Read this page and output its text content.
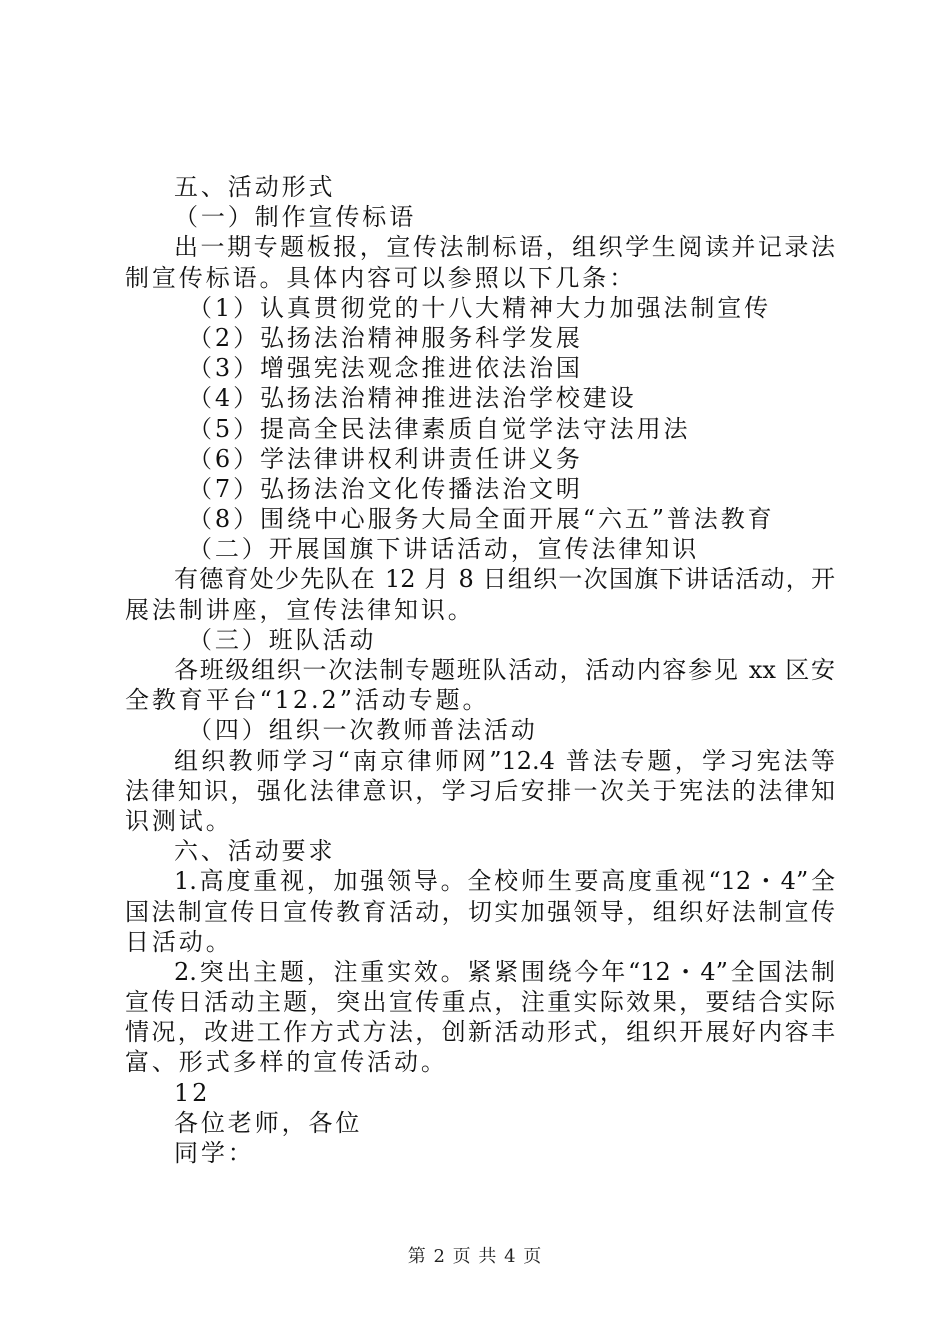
五、活动形式
（一）制作宣传标语
出一期专题板报，宣传法制标语，组织学生阅读并记录法
制宣传标语。具体内容可以参照以下几条：
（1）认真贯彻党的十八大精神大力加强法制宣传
（2）弘扬法治精神服务科学发展
（3）增强宪法观念推进依法治国
（4）弘扬法治精神推进法治学校建设
（5）提高全民法律素质自觉学法守法用法
（6）学法律讲权利讲责任讲义务
（7）弘扬法治文化传播法治文明
（8）围绕中心服务大局全面开展“六五”普法教育
（二）开展国旗下讲话活动，宣传法律知识
有德育处少先队在 12 月 8 日组织一次国旗下讲话活动，开
展法制讲座，宣传法律知识。
（三）班队活动
各班级组织一次法制专题班队活动，活动内容参见 xx 区安
全教育平台“12.2”活动专题。
（四）组织一次教师普法活动
组织教师学习“南京律师网”12.4 普法专题，学习宪法等
法律知识，强化法律意识，学习后安排一次关于宪法的法律知
识测试。
六、活动要求
1.高度重视，加强领导。全校师生要高度重视“12・4”全
国法制宣传日宣传教育活动，切实加强领导，组织好法制宣传
日活动。
2.突出主题，注重实效。紧紧围绕今年“12・4”全国法制
宣传日活动主题，突出宣传重点，注重实际效果，要结合实际
情况，改进工作方式方法，创新活动形式，组织开展好内容丰
富、形式多样的宣传活动。
12
各位老师，各位
同学：
第 2 页 共 4 页
